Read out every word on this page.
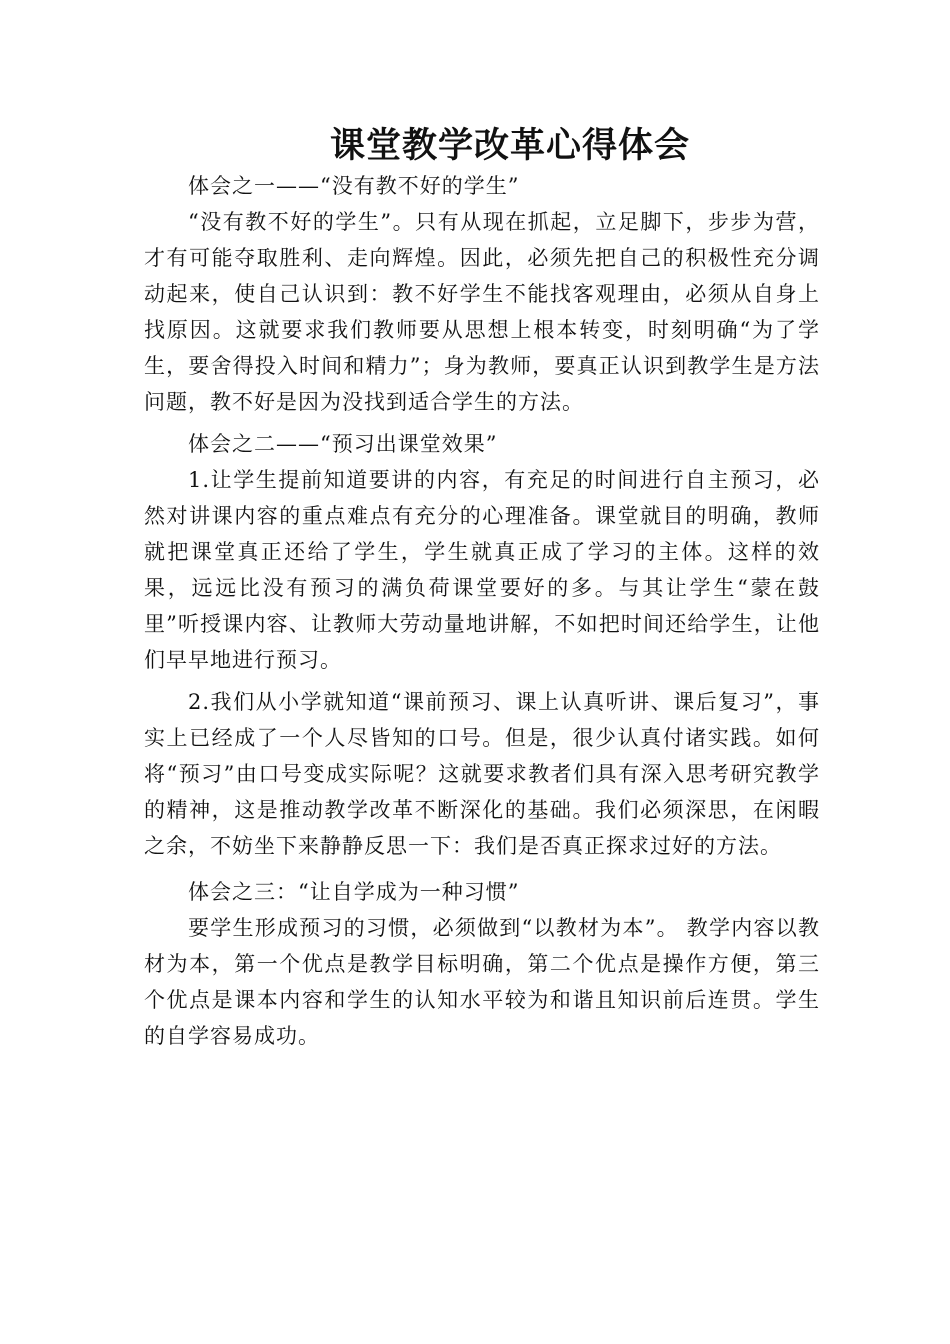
课堂教学改革心得体会

体会之一——“没有教不好的学生”

“没有教不好的学生”。只有从现在抓起，立足脚下，步步为营，才有可能夺取胜利、走向辉煌。因此，必须先把自己的积极性充分调动起来，使自己认识到：教不好学生不能找客观理由，必须从自身上找原因。这就要求我们教师要从思想上根本转变，时刻明确“为了学生，要舍得投入时间和精力”；身为教师，要真正认识到教学生是方法问题，教不好是因为没找到适合学生的方法。

体会之二——“预习出课堂效果”

1.让学生提前知道要讲的内容，有充足的时间进行自主预习，必然对讲课内容的重点难点有充分的心理准备。课堂就目的明确，教师就把课堂真正还给了学生，学生就真正成了学习的主体。这样的效果，远远比没有预习的满负荷课堂要好的多。与其让学生“蒙在鼓里”听授课内容、让教师大劳动量地讲解，不如把时间还给学生，让他们早早地进行预习。

2.我们从小学就知道“课前预习、课上认真听讲、课后复习”，事实上已经成了一个人尽皆知的口号。但是，很少认真付诸实践。如何将“预习”由口号变成实际呢？这就要求教者们具有深入思考研究教学的精神，这是推动教学改革不断深化的基础。我们必须深思，在闲暇之余，不妨坐下来静静反思一下：我们是否真正探求过好的方法。

体会之三：“让自学成为一种习惯”

要学生形成预习的习惯，必须做到“以教材为本”。 教学内容以教材为本，第一个优点是教学目标明确，第二个优点是操作方便，第三个优点是课本内容和学生的认知水平较为和谐且知识前后连贯。学生的自学容易成功。
